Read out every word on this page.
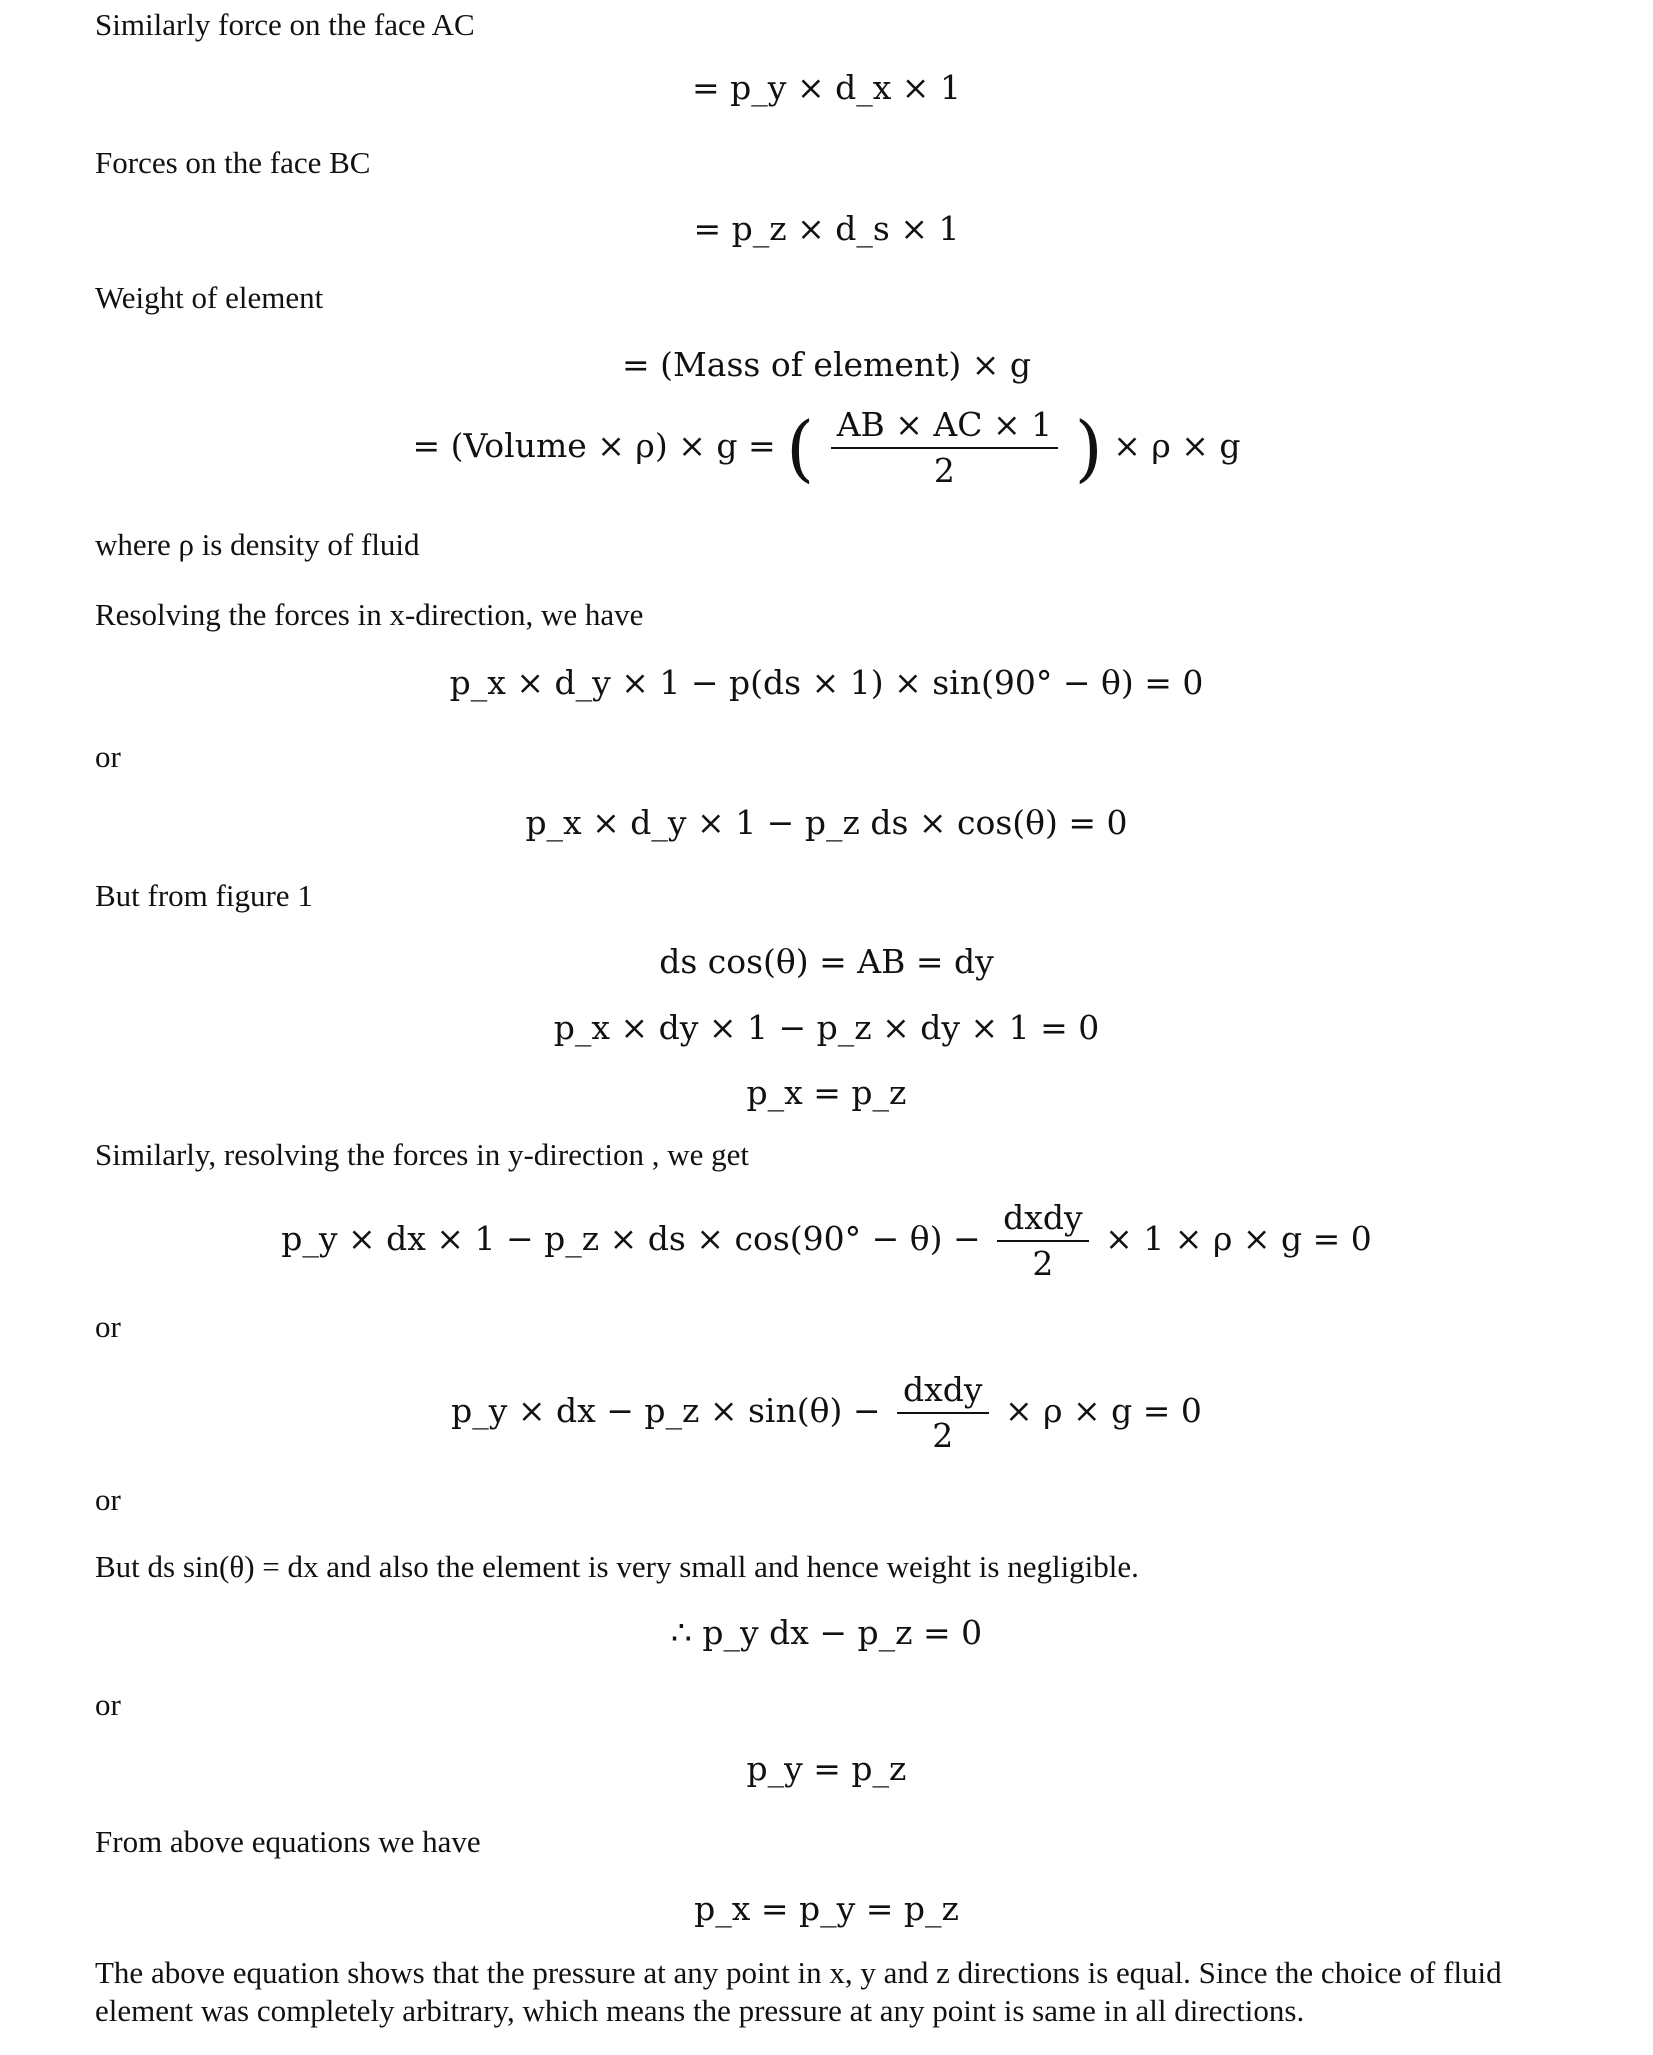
Similarly force on the face AC

= p_y × d_x × 1

Forces on the face BC

= p_z × d_s × 1

Weight of element

= (Mass of element) × g
= (Volume × ρ) × g = ( $\frac{AB \times AC \times 1}{2}$ ) × ρ × g

where ρ is density of fluid

Resolving the forces in x-direction, we have

p_x × d_y × 1 − p(ds × 1) × sin(90° − θ) = 0

or

p_x × d_y × 1 − p_z ds × cos(θ) = 0

But from figure 1

ds cos(θ) = AB = dy
p_x × dy × 1 − p_z × dy × 1 = 0
p_x = p_z

Similarly, resolving the forces in y-direction , we get

p_y × dx × 1 − p_z × ds × $\cos(90^\circ - \theta) - \frac{\text{dxdy}}{2} \times 1 \times \rho \times g = 0$

or

p_y × dx − p_z × $\sin(\theta) - \frac{\text{dxdy}}{2} \times \rho \times g = 0$

or

But ds sin(θ) = dx and also the element is very small and hence weight is negligible.

∴ p_y dx − p_z = 0

or

p_y = p_z

From above equations we have

p_x = p_y = p_z

The above equation shows that the pressure at any point in x, y and z directions is equal. Since the choice of fluid element was completely arbitrary, which means the pressure at any point is same in all directions.
